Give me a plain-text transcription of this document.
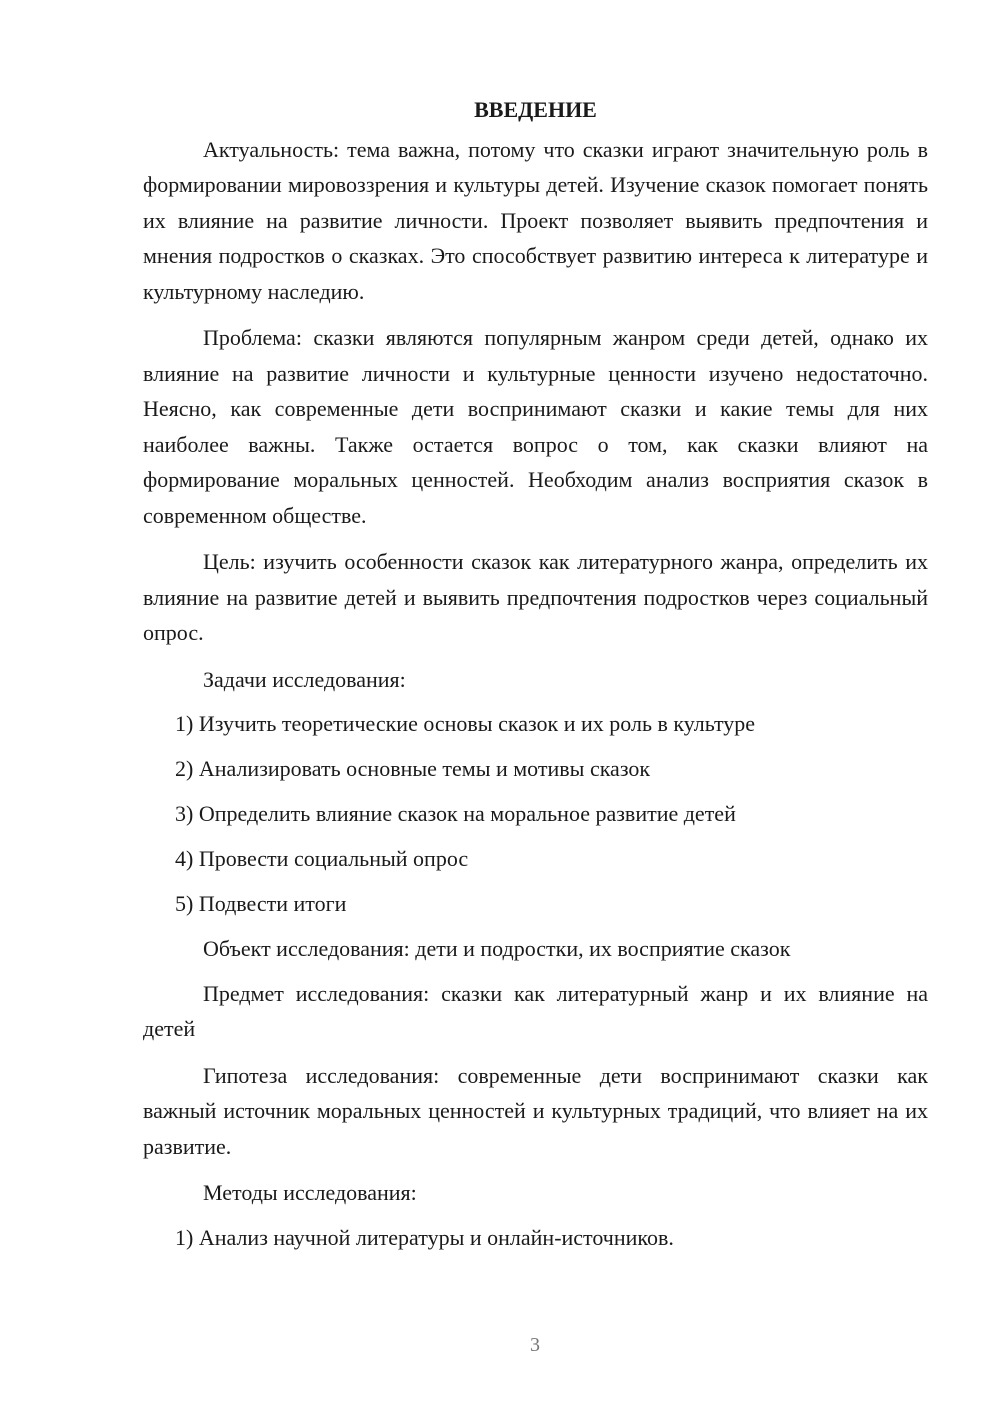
ВВЕДЕНИЕ

Актуальность: тема важна, потому что сказки играют значительную роль в формировании мировоззрения и культуры детей. Изучение сказок помогает понять их влияние на развитие личности. Проект позволяет выявить предпочтения и мнения подростков о сказках. Это способствует развитию интереса к литературе и культурному наследию.

Проблема: сказки являются популярным жанром среди детей, однако их влияние на развитие личности и культурные ценности изучено недостаточно. Неясно, как современные дети воспринимают сказки и какие темы для них наиболее важны. Также остается вопрос о том, как сказки влияют на формирование моральных ценностей. Необходим анализ восприятия сказок в современном обществе.

Цель: изучить особенности сказок как литературного жанра, определить их влияние на развитие детей и выявить предпочтения подростков через социальный опрос.

Задачи исследования:

1) Изучить теоретические основы сказок и их роль в культуре
2) Анализировать основные темы и мотивы сказок
3) Определить влияние сказок на моральное развитие детей
4) Провести социальный опрос
5) Подвести итоги

Объект исследования: дети и подростки, их восприятие сказок

Предмет исследования: сказки как литературный жанр и их влияние на детей

Гипотеза исследования: современные дети воспринимают сказки как важный источник моральных ценностей и культурных традиций, что влияет на их развитие.

Методы исследования:

1) Анализ научной литературы и онлайн-источников.
3
